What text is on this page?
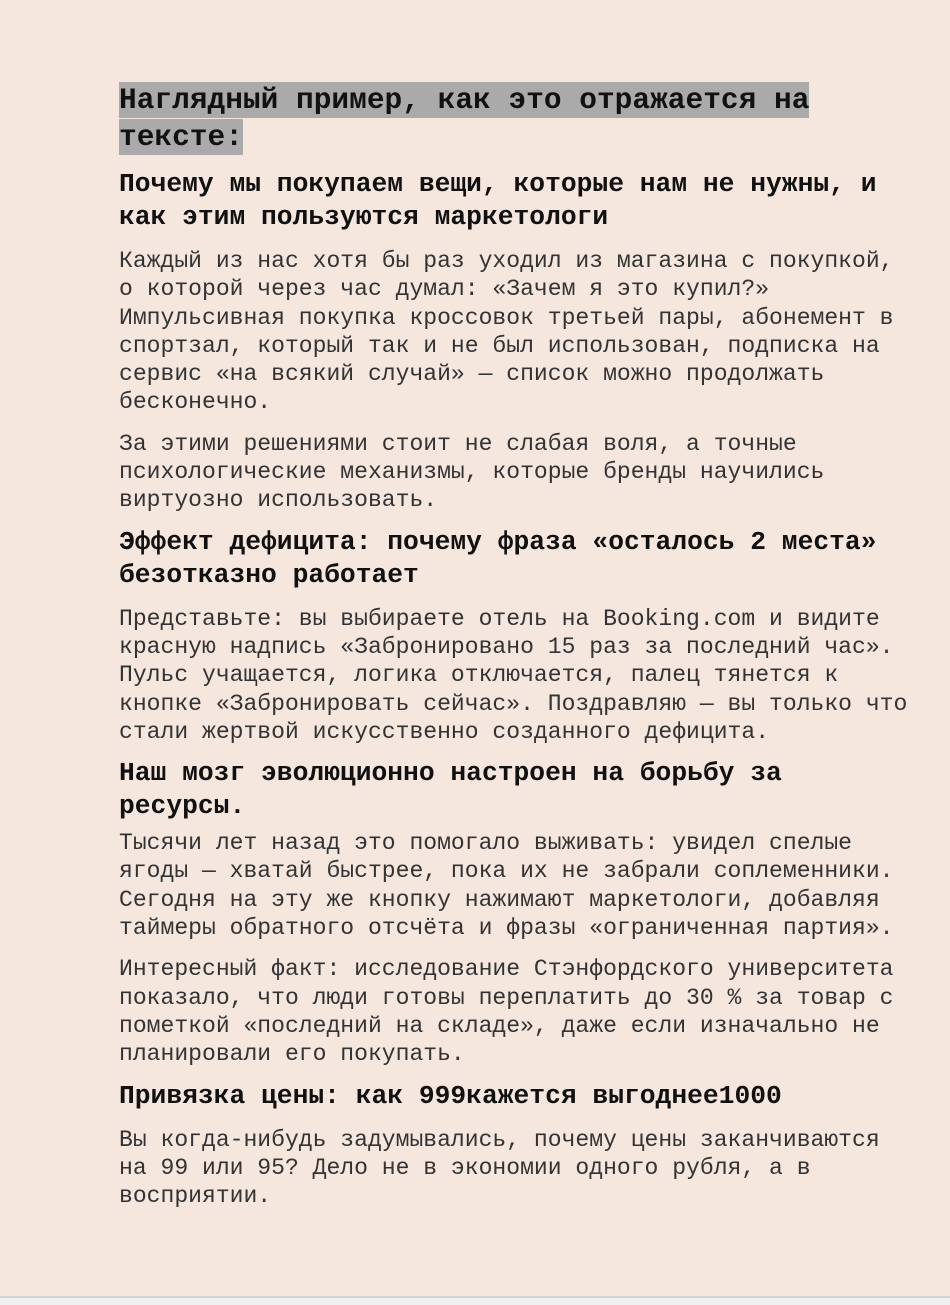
Наглядный пример, как это отражается на тексте:
Почему мы покупаем вещи, которые нам не нужны, и как этим пользуются маркетологи

Каждый из нас хотя бы раз уходил из магазина с покупкой, о которой через час думал: «Зачем я это купил?» Импульсивная покупка кроссовок третьей пары, абонемент в спортзал, который так и не был использован, подписка на сервис «на всякий случай» — список можно продолжать бесконечно.

За этими решениями стоит не слабая воля, а точные психологические механизмы, которые бренды научились виртуозно использовать.

Эффект дефицита: почему фраза «осталось 2 места» безотказно работает

Представьте: вы выбираете отель на Booking.com и видите красную надпись «Забронировано 15 раз за последний час». Пульс учащается, логика отключается, палец тянется к кнопке «Забронировать сейчас». Поздравляю — вы только что стали жертвой искусственно созданного дефицита.

Наш мозг эволюционно настроен на борьбу за ресурсы.

Тысячи лет назад это помогало выживать: увидел спелые ягоды — хватай быстрее, пока их не забрали соплеменники. Сегодня на эту же кнопку нажимают маркетологи, добавляя таймеры обратного отсчёта и фразы «ограниченная партия».

Интересный факт: исследование Стэнфордского университета показало, что люди готовы переплатить до 30 % за товар с пометкой «последний на складе», даже если изначально не планировали его покупать.

Привязка цены: как 999кажется выгоднее1000

Вы когда-нибудь задумывались, почему цены заканчиваются на 99 или 95? Дело не в экономии одного рубля, а в восприятии.
